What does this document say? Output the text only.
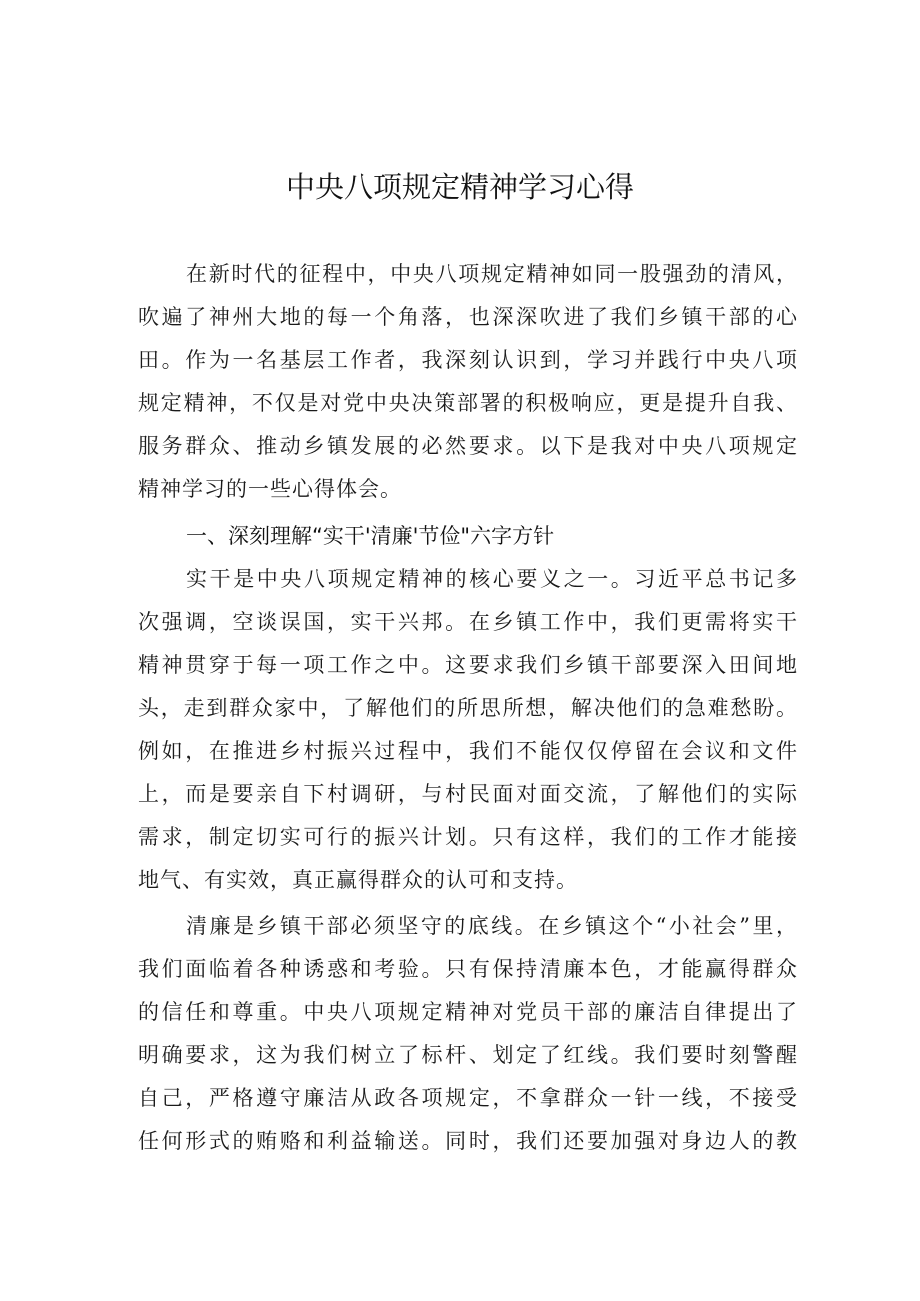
中央八项规定精神学习心得
在新时代的征程中，中央八项规定精神如同一股强劲的清风，
吹遍了神州大地的每一个角落，也深深吹进了我们乡镇干部的心
田。作为一名基层工作者，我深刻认识到，学习并践行中央八项
规定精神，不仅是对党中央决策部署的积极响应，更是提升自我、
服务群众、推动乡镇发展的必然要求。以下是我对中央八项规定
精神学习的一些心得体会。
一、深刻理解“实干'清廉'节俭"六字方针
实干是中央八项规定精神的核心要义之一。习近平总书记多
次强调，空谈误国，实干兴邦。在乡镇工作中，我们更需将实干
精神贯穿于每一项工作之中。这要求我们乡镇干部要深入田间地
头，走到群众家中，了解他们的所思所想，解决他们的急难愁盼。
例如，在推进乡村振兴过程中，我们不能仅仅停留在会议和文件
上，而是要亲自下村调研，与村民面对面交流，了解他们的实际
需求，制定切实可行的振兴计划。只有这样，我们的工作才能接
地气、有实效，真正赢得群众的认可和支持。
清廉是乡镇干部必须坚守的底线。在乡镇这个“小社会”里，
我们面临着各种诱惑和考验。只有保持清廉本色，才能赢得群众
的信任和尊重。中央八项规定精神对党员干部的廉洁自律提出了
明确要求，这为我们树立了标杆、划定了红线。我们要时刻警醒
自己，严格遵守廉洁从政各项规定，不拿群众一针一线，不接受
任何形式的贿赂和利益输送。同时，我们还要加强对身边人的教
